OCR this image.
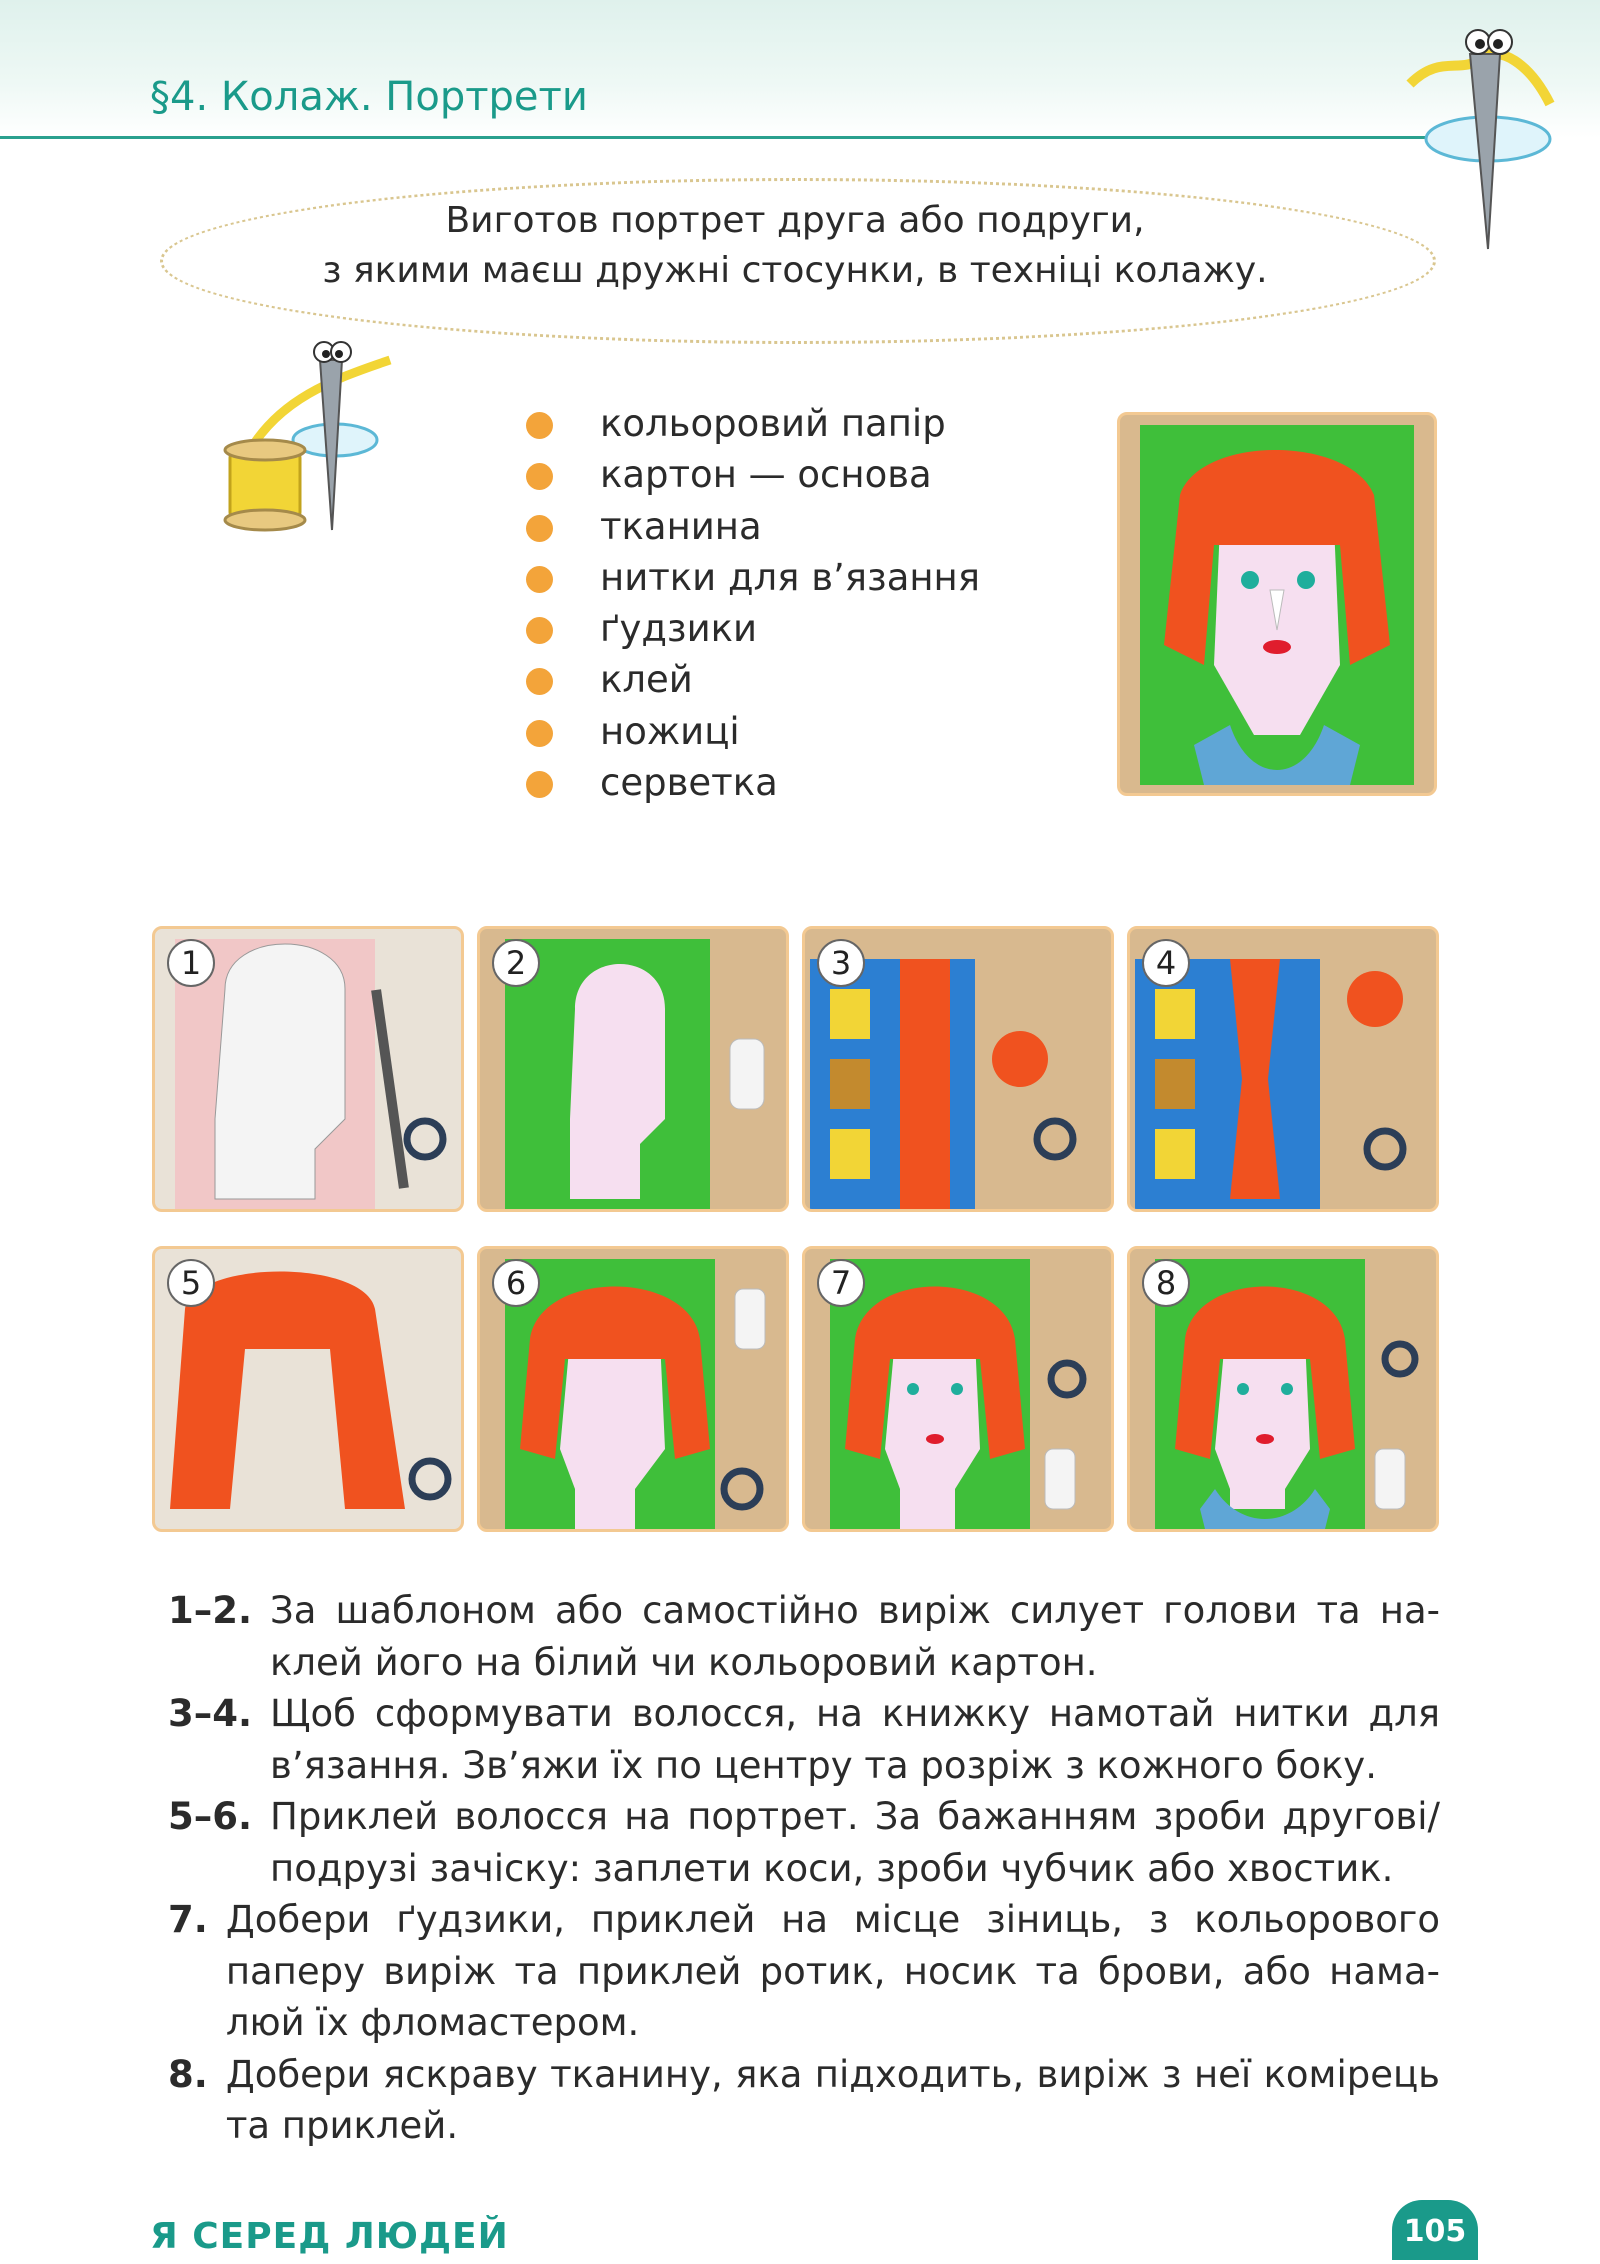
§4. Колаж. Портрети
Виготов портрет друга або подруги,
з якими маєш дружні стосунки, в техніці колажу.
кольоровий папір
картон — основа
тканина
нитки для в’язання
ґудзики
клей
ножиці
серветка
1	2	3	4
5	6	7	8
1–2. За шаблоном або самостійно виріж силует голови та наклей його на білий чи кольоровий картон.
3–4. Щоб сформувати волосся, на книжку намотай нитки для в’язання. Зв’яжи їх по центру та розріж з кожного боку.
5–6. Приклей волосся на портрет. За бажанням зроби другові/подрузі зачіску: заплети коси, зроби чубчик або хвостик.
7. Добери ґудзики, приклей на місце зіниць, з кольорового паперу виріж та приклей ротик, носик та брови, або намалюй їх фломастером.
8. Добери яскраву тканину, яка підходить, виріж з неї комірець та приклей.
Я СЕРЕД ЛЮДЕЙ	105
